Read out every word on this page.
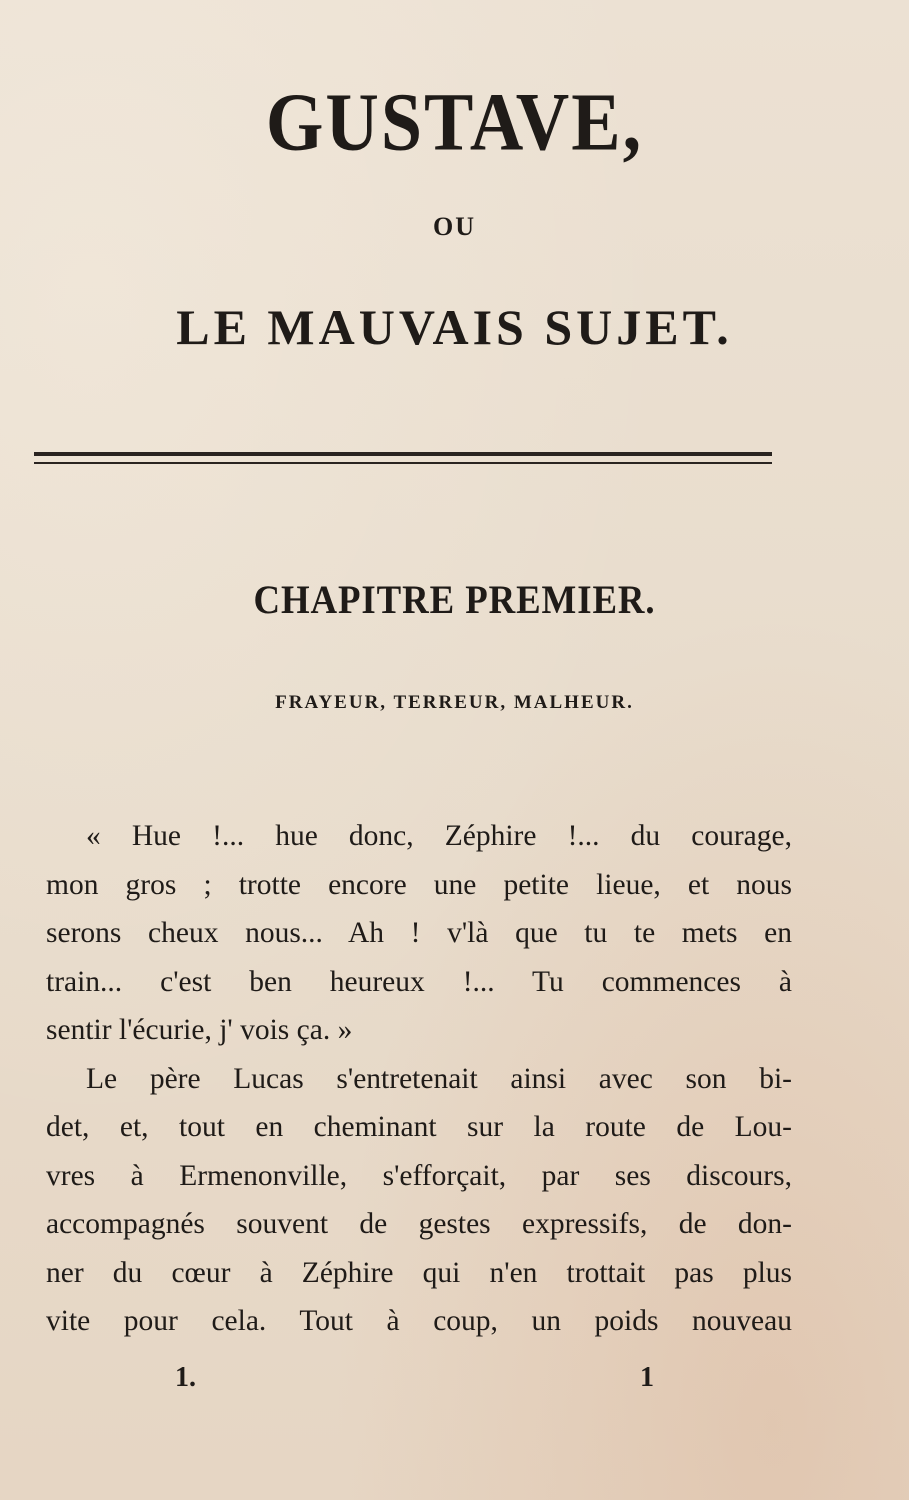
GUSTAVE,
OU
LE MAUVAIS SUJET.
CHAPITRE PREMIER.
FRAYEUR, TERREUR, MALHEUR.
« Hue !... hue donc, Zéphire !... du courage,
mon gros ; trotte encore une petite lieue, et nous
serons cheux nous... Ah ! v'là que tu te mets en
train... c'est ben heureux !... Tu commences à
sentir l'écurie, j' vois ça. »
Le père Lucas s'entretenait ainsi avec son bi-
det, et, tout en cheminant sur la route de Lou-
vres à Ermenonville, s'efforçait, par ses discours,
accompagnés souvent de gestes expressifs, de don-
ner du cœur à Zéphire qui n'en trottait pas plus
vite pour cela. Tout à coup, un poids nouveau
1.	1
